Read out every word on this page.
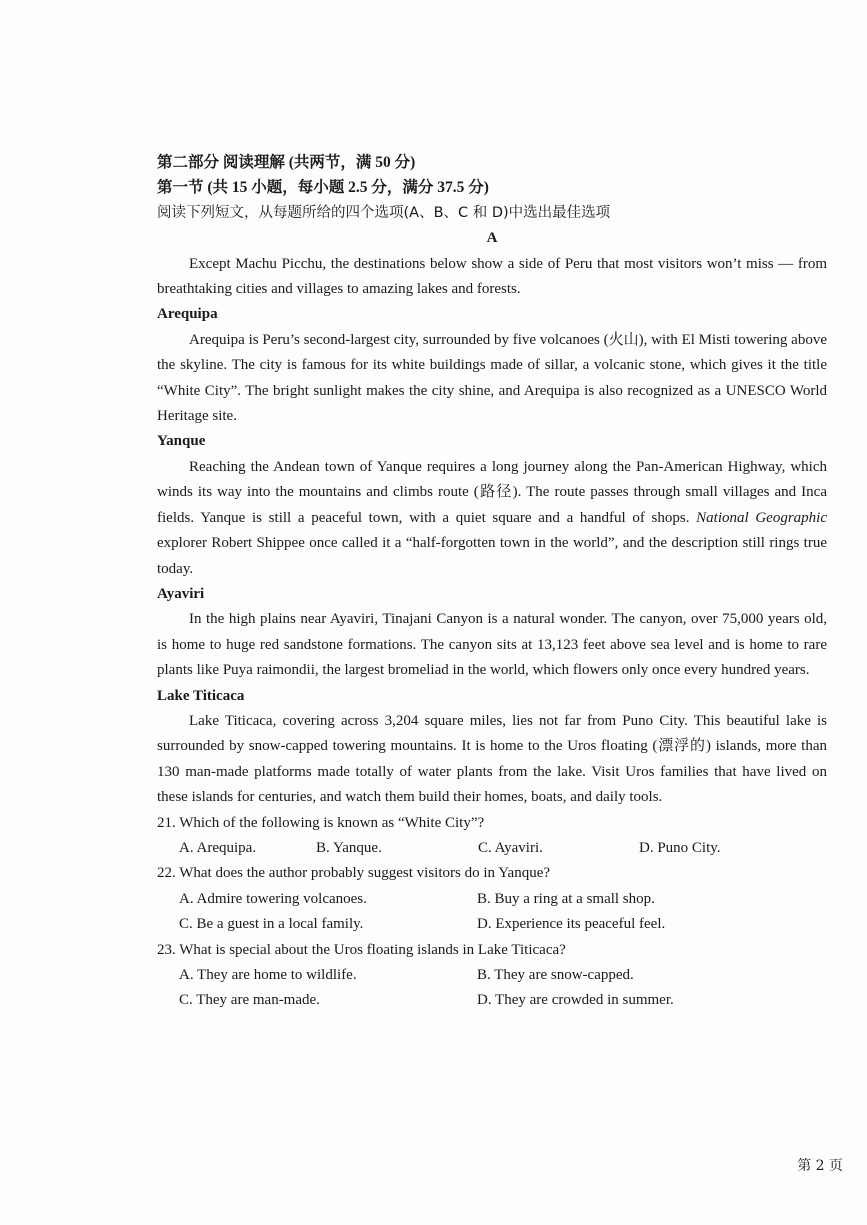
第二部分 阅读理解 (共两节，满 50 分)
第一节 (共 15 小题，每小题 2.5 分，满分 37.5 分)
阅读下列短文，从每题所给的四个选项(A、B、C 和 D)中选出最佳选项
A

Except Machu Picchu, the destinations below show a side of Peru that most visitors won’t miss — from breathtaking cities and villages to amazing lakes and forests.

Arequipa

Arequipa is Peru’s second-largest city, surrounded by five volcanoes (火山), with El Misti towering above the skyline. The city is famous for its white buildings made of sillar, a volcanic stone, which gives it the title “White City”. The bright sunlight makes the city shine, and Arequipa is also recognized as a UNESCO World Heritage site.

Yanque

Reaching the Andean town of Yanque requires a long journey along the Pan-American Highway, which winds its way into the mountains and climbs route (路径). The route passes through small villages and Inca fields. Yanque is still a peaceful town, with a quiet square and a handful of shops. National Geographic explorer Robert Shippee once called it a “half-forgotten town in the world”, and the description still rings true today.

Ayaviri

In the high plains near Ayaviri, Tinajani Canyon is a natural wonder. The canyon, over 75,000 years old, is home to huge red sandstone formations. The canyon sits at 13,123 feet above sea level and is home to rare plants like Puya raimondii, the largest bromeliad in the world, which flowers only once every hundred years.

Lake Titicaca

Lake Titicaca, covering across 3,204 square miles, lies not far from Puno City. This beautiful lake is surrounded by snow-capped towering mountains. It is home to the Uros floating (漂浮的) islands, more than 130 man-made platforms made totally of water plants from the lake. Visit Uros families that have lived on these islands for centuries, and watch them build their homes, boats, and daily tools.

21. Which of the following is known as “White City”?
A. Arequipa.	B. Yanque.	C. Ayaviri.	D. Puno City.
22. What does the author probably suggest visitors do in Yanque?
A. Admire towering volcanoes.	B. Buy a ring at a small shop.
C. Be a guest in a local family.	D. Experience its peaceful feel.
23. What is special about the Uros floating islands in Lake Titicaca?
A. They are home to wildlife.	B. They are snow-capped.
C. They are man-made.	D. They are crowded in summer.
第 2 页
